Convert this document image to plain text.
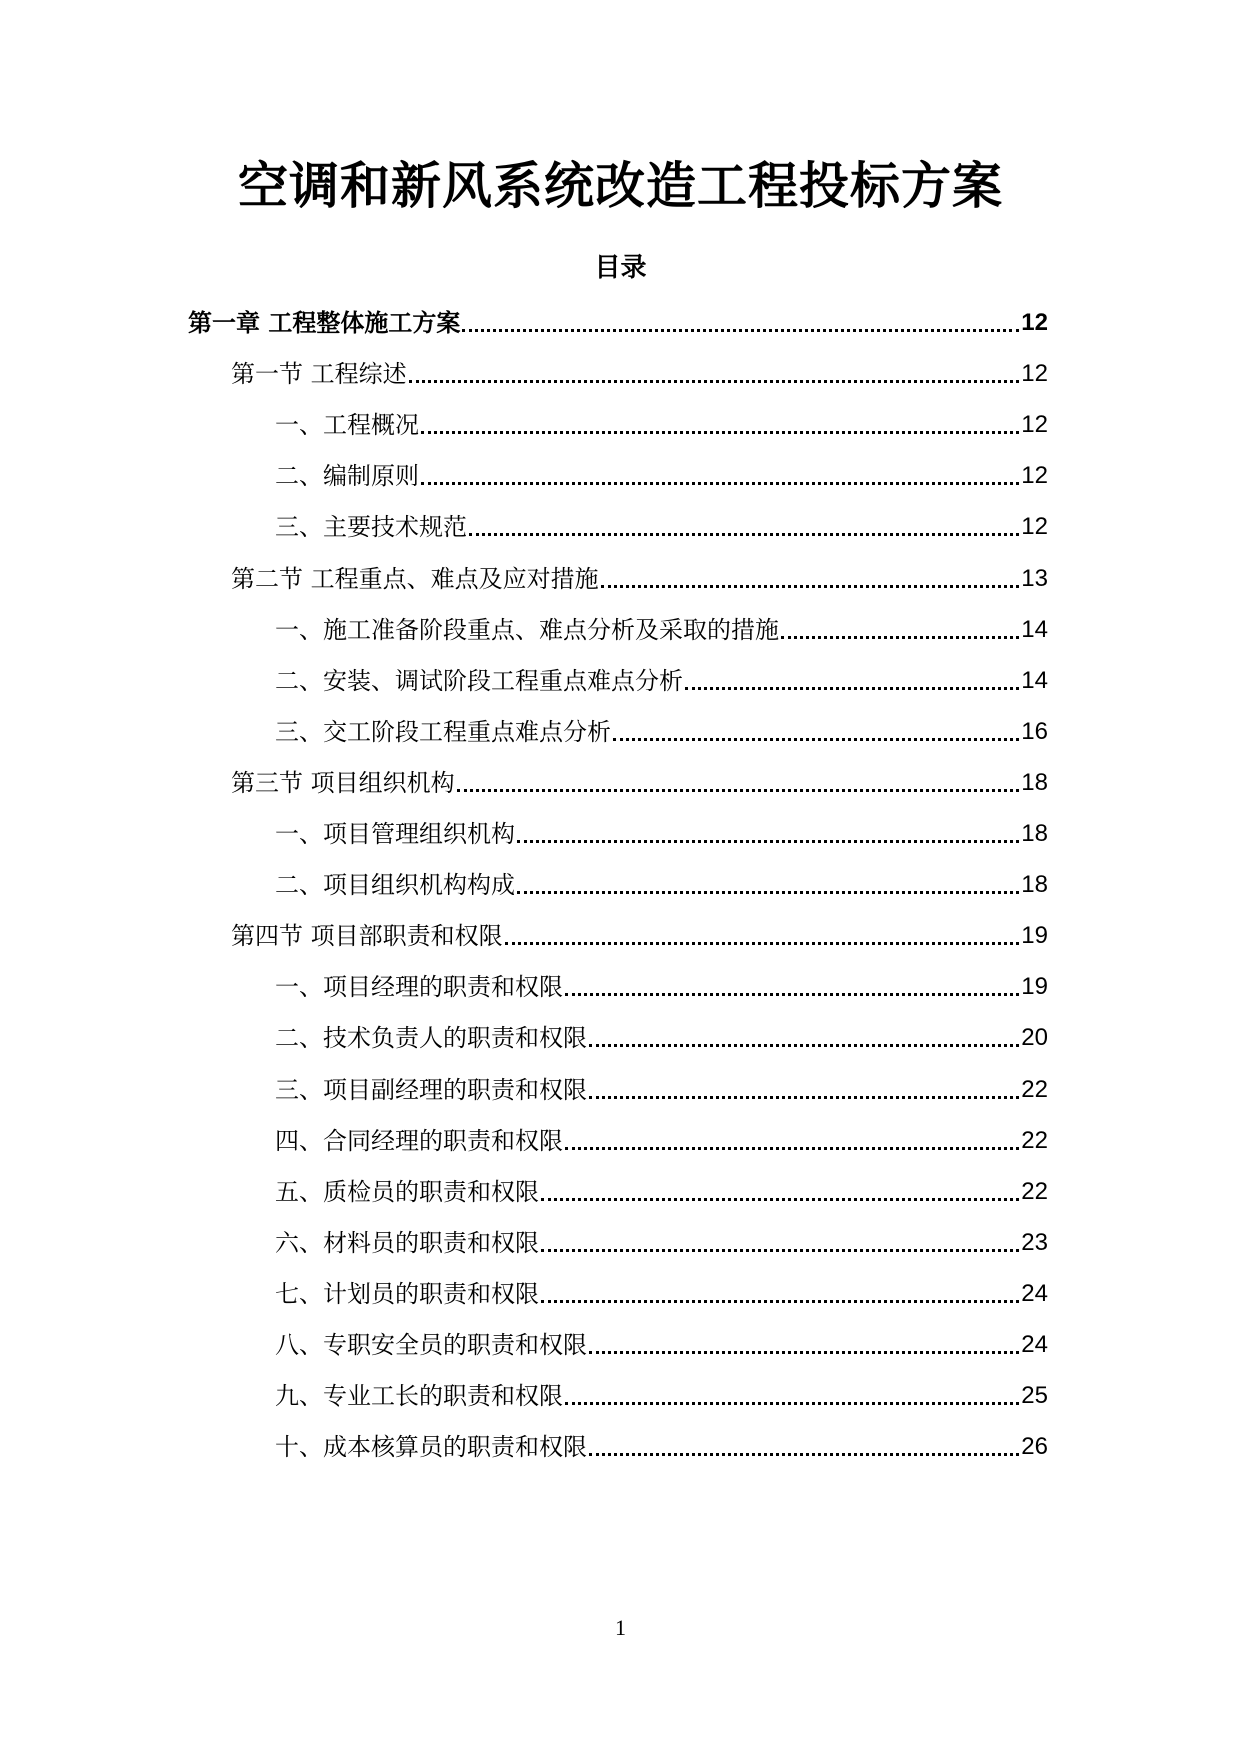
空调和新风系统改造工程投标方案
目录
第一章 工程整体施工方案	12
第一节 工程综述	12
一、工程概况	12
二、编制原则	12
三、主要技术规范	12
第二节 工程重点、难点及应对措施	13
一、施工准备阶段重点、难点分析及采取的措施	14
二、安装、调试阶段工程重点难点分析	14
三、交工阶段工程重点难点分析	16
第三节 项目组织机构	18
一、项目管理组织机构	18
二、项目组织机构构成	18
第四节 项目部职责和权限	19
一、项目经理的职责和权限	19
二、技术负责人的职责和权限	20
三、项目副经理的职责和权限	22
四、合同经理的职责和权限	22
五、质检员的职责和权限	22
六、材料员的职责和权限	23
七、计划员的职责和权限	24
八、专职安全员的职责和权限	24
九、专业工长的职责和权限	25
十、成本核算员的职责和权限	26
1
